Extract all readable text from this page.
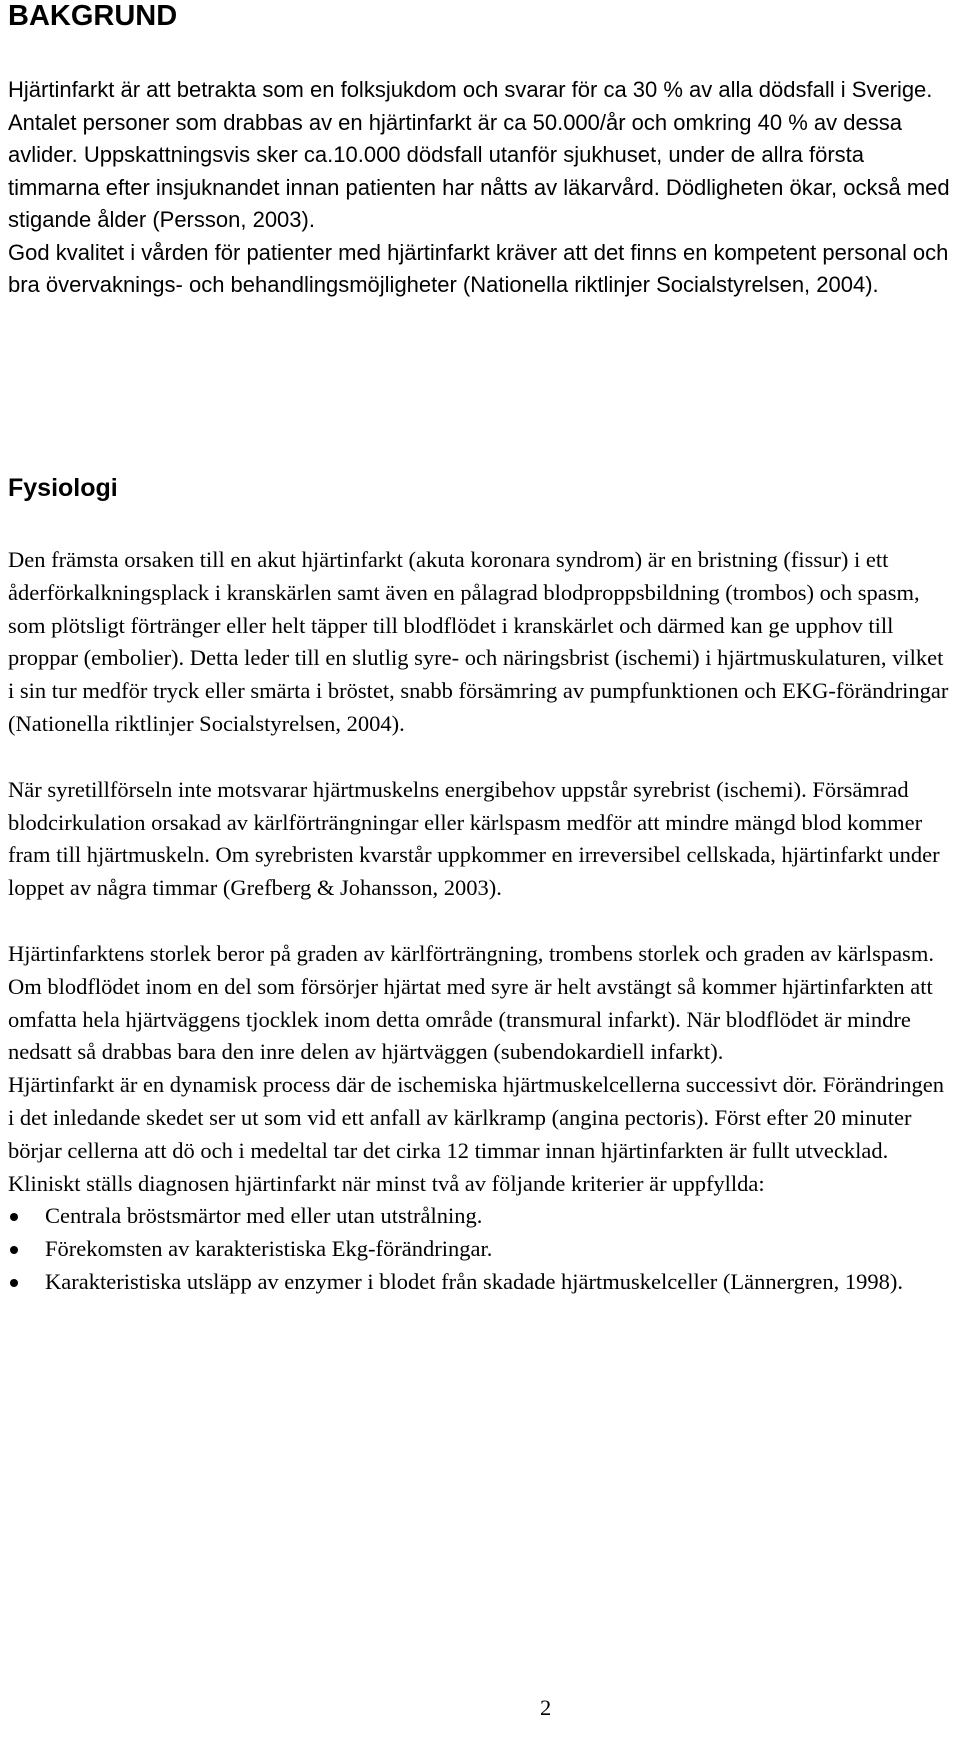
BAKGRUND

Hjärtinfarkt är att betrakta som en folksjukdom och svarar för ca 30 % av alla dödsfall i Sverige. Antalet personer som drabbas av en hjärtinfarkt är ca 50.000/år och omkring 40 % av dessa avlider. Uppskattningsvis sker ca.10.000 dödsfall utanför sjukhuset, under de allra första timmarna efter insjuknandet innan patienten har nåtts av läkarvård. Dödligheten ökar, också med stigande ålder (Persson, 2003).

God kvalitet i vården för patienter med hjärtinfarkt kräver att det finns en kompetent personal och bra övervaknings- och behandlingsmöjligheter (Nationella riktlinjer Socialstyrelsen, 2004).

Fysiologi

Den främsta orsaken till en akut hjärtinfarkt (akuta koronara syndrom) är en bristning (fissur) i ett åderförkalkningsplack i kranskärlen samt även en pålagrad blodproppsbildning (trombos) och spasm, som plötsligt förtränger eller helt täpper till blodflödet i kranskärlet och därmed kan ge upphov till proppar (embolier). Detta leder till en slutlig syre- och näringsbrist (ischemi) i hjärtmuskulaturen, vilket i sin tur medför tryck eller smärta i bröstet, snabb försämring av pumpfunktionen och EKG-förändringar (Nationella riktlinjer Socialstyrelsen, 2004).

När syretillförseln inte motsvarar hjärtmuskelns energibehov uppstår syrebrist (ischemi). Försämrad blodcirkulation orsakad av kärlförträngningar eller kärlspasm medför att mindre mängd blod kommer fram till hjärtmuskeln. Om syrebristen kvarstår uppkommer en irreversibel cellskada, hjärtinfarkt under loppet av några timmar (Grefberg & Johansson, 2003).

Hjärtinfarktens storlek beror på graden av kärlförträngning, trombens storlek och graden av kärlspasm. Om blodflödet inom en del som försörjer hjärtat med syre är helt avstängt så kommer hjärtinfarkten att omfatta hela hjärtväggens tjocklek inom detta område (transmural infarkt). När blodflödet är mindre nedsatt så drabbas bara den inre delen av hjärtväggen (subendokardiell infarkt).

Hjärtinfarkt är en dynamisk process där de ischemiska hjärtmuskelcellerna successivt dör. Förändringen i det inledande skedet ser ut som vid ett anfall av kärlkramp (angina pectoris). Först efter 20 minuter börjar cellerna att dö och i medeltal tar det cirka 12 timmar innan hjärtinfarkten är fullt utvecklad.

Kliniskt ställs diagnosen hjärtinfarkt när minst två av följande kriterier är uppfyllda:

Centrala bröstsmärtor med eller utan utstrålning.
Förekomsten av karakteristiska Ekg-förändringar.
Karakteristiska utsläpp av enzymer i blodet från skadade hjärtmuskelceller (Lännergren, 1998).
2
